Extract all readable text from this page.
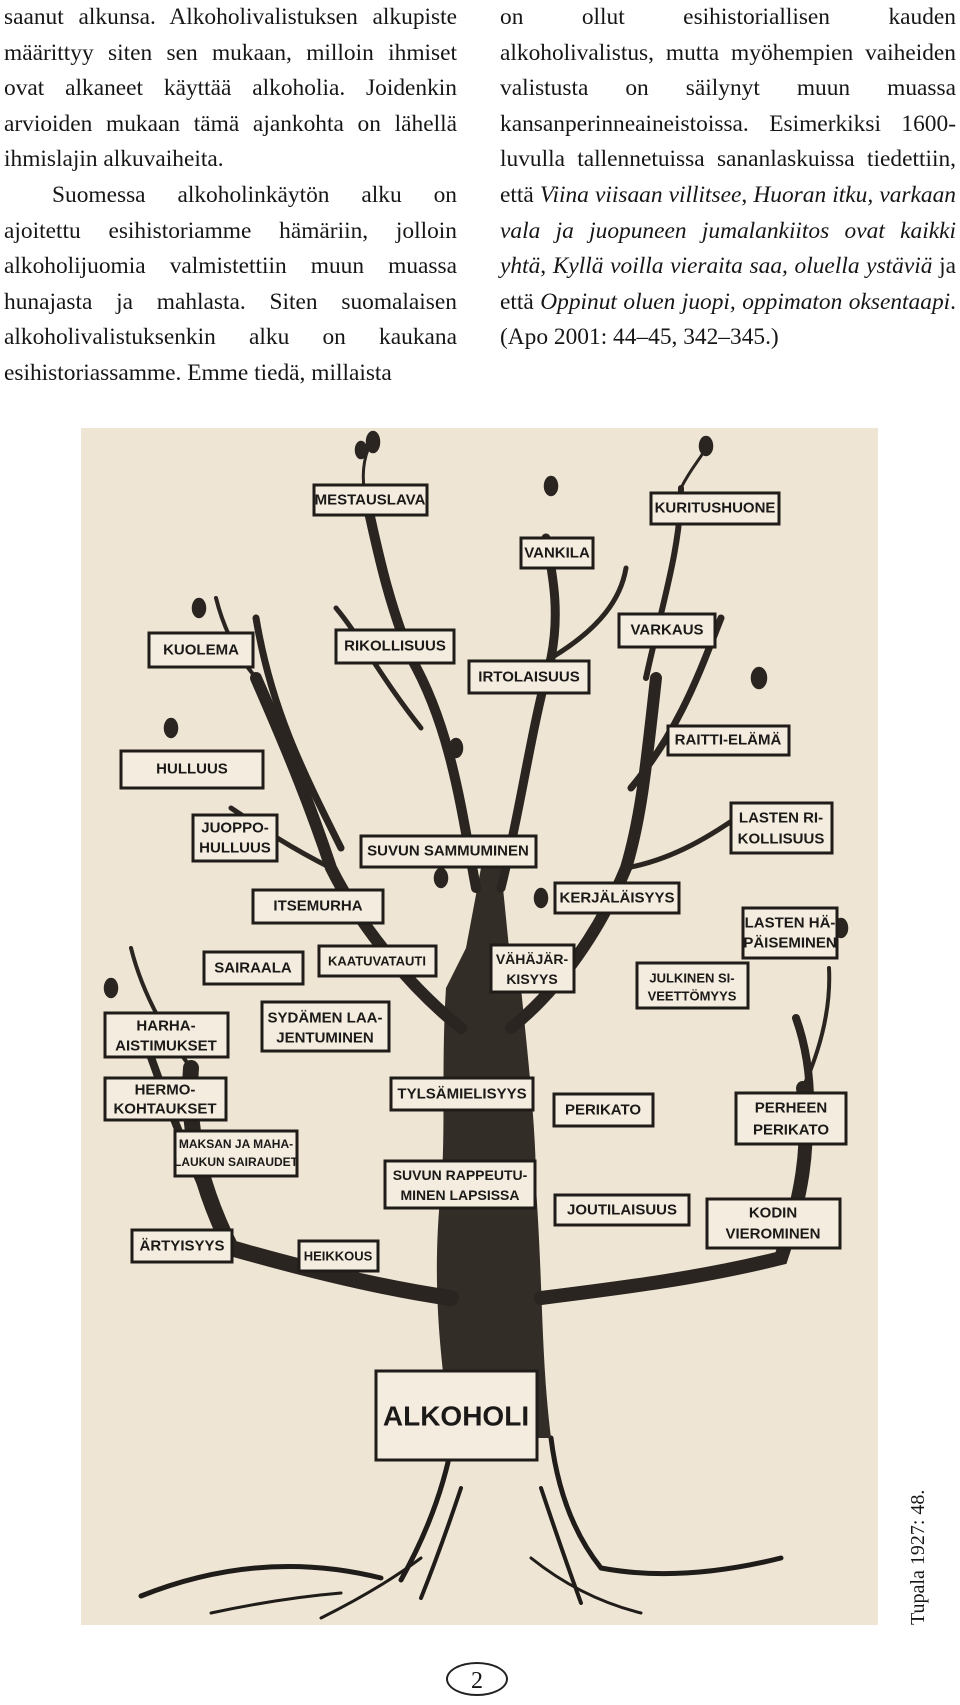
saanut alkunsa. Alkoholivalistuksen alkupiste määrittyy siten sen mukaan, milloin ihmiset ovat alkaneet käyttää alkoholia. Joidenkin arvioiden mukaan tämä ajankohta on lähellä ihmislajin alkuvaiheita.

Suomessa alkoholinkäytön alku on ajoitettu esihistoriamme hämäriin, jolloin alkoholijuomia valmistettiin muun muassa hunajasta ja mahlasta. Siten suomalaisen alkoholivalistuksenkin alku on kaukana esihistoriassamme. Emme tiedä, millaista

on ollut esihistoriallisen kauden alkoholivalistus, mutta myöhempien vaiheiden valistusta on säilynyt muun muassa kansanperinneaineistoissa. Esimerkiksi 1600-luvulla tallennetuissa sananlaskuissa tiedettiin, että Viina viisaan villitsee, Huoran itku, varkaan vala ja juopuneen jumalankiitos ovat kaikki yhtä, Kyllä voilla vieraita saa, oluella ystäviä ja että Oppinut oluen juopi, oppimaton oksentaapi. (Apo 2001: 44–45, 342–345.)

MESTAUSLAVA	KURITUSHUONE
VANKILA
KUOLEMA	RIKOLLISUUS
VARKAUS
IRTOLAISUUS
RAITTI-ELÄMÄ
HULLUUS
JUOPPO-
HULLUUS
LASTEN RI-
KOLLISUUS
SUVUN SAMMUMINEN
KERJÄLÄISYYS
ITSEMURHA
LASTEN HÄ-
PÄISEMINEN
SAIRAALA	KAATUVATAUTI	VÄHÄJÄR-
KISYYS	JULKINEN SI-
VEETTÖMYYS
HARHA-
AISTIMUKSET
SYDÄMEN LAA-
JENTUMINEN
HERMO-
KOHTAUKSET
TYLSÄMIELISYYS
PERIKATO	PERHEEN
PERIKATO
MAKSAN JA MAHA-
LAUKUN SAIRAUDET
SUVUN RAPPEUTU-
MINEN LAPSISSA
JOUTILAISUUS	KODIN
VIEROMINEN
ÄRTYISYYS
HEIKKOUS
ALKOHOLI
Tupala 1927: 48.
2
